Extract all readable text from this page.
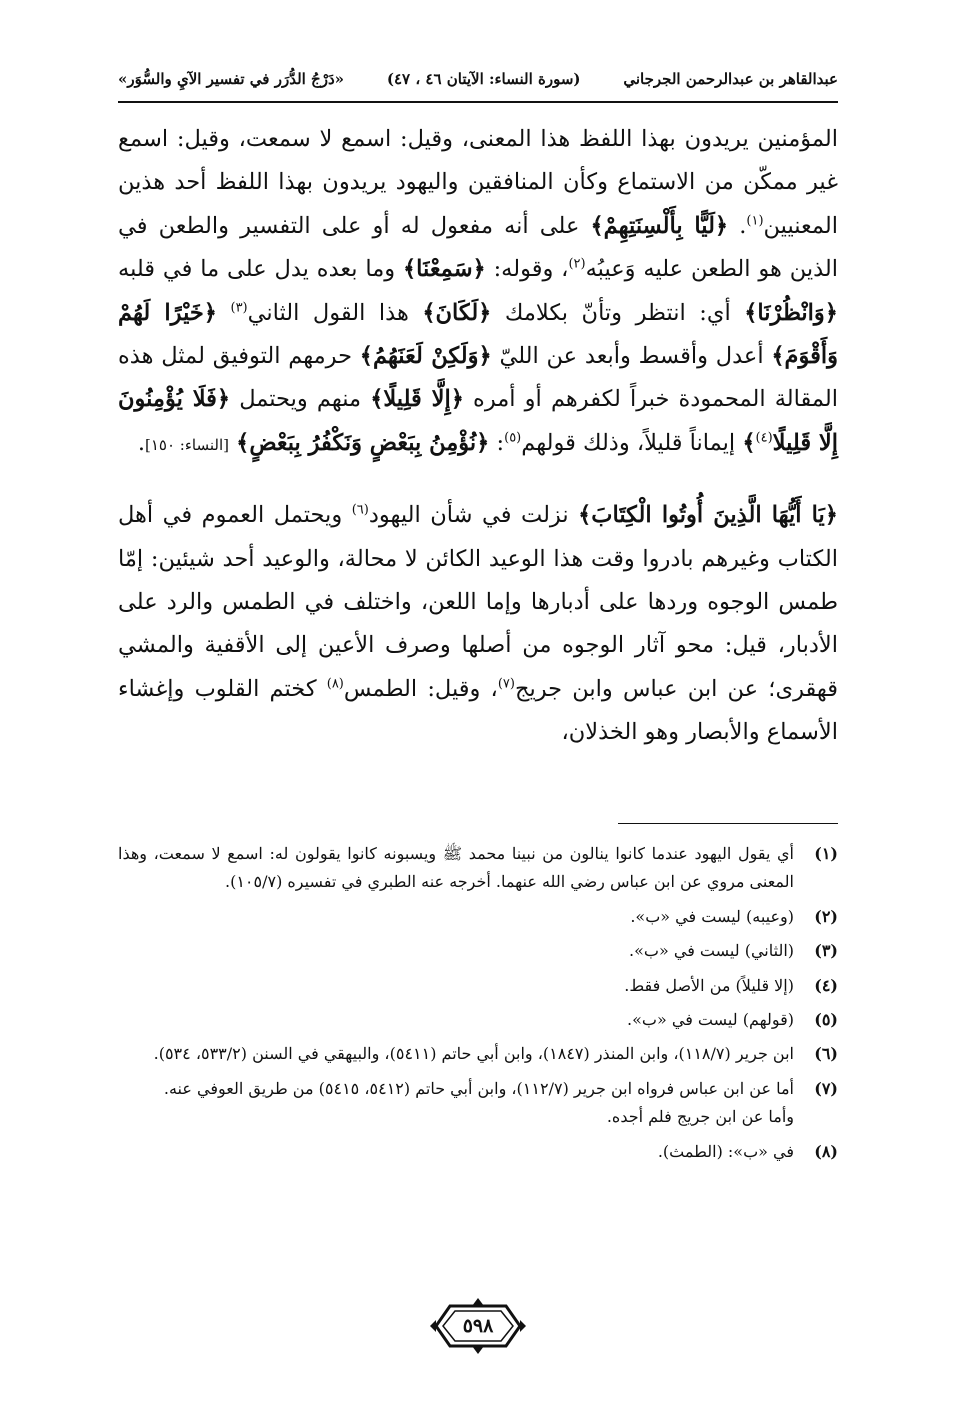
عبدالقاهر بن عبدالرحمن الجرجاني
(سورة النساء: الآيتان ٤٦ ، ٤٧)
«دَرْجُ الدُّرَر في تفسير الآيِ والسُّوَر»

المؤمنين يريدون بهذا اللفظ هذا المعنى، وقيل: اسمع لا سمعت، وقيل: اسمع غير ممكّن من الاستماع وكأن المنافقين واليهود يريدون بهذا اللفظ أحد هذين المعنيين$^{(١)}$. ﴿لَيًّا بِأَلْسِنَتِهِمْ﴾ على أنه مفعول له أو على التفسير والطعن في الذين هو الطعن عليه وَعيبُه$^{(٢)}$، وقوله: ﴿سَمِعْنَا﴾ وما بعده يدل على ما في قلبه ﴿وَانْظُرْنَا﴾ أي: انتظر وتأنّ بكلامك ﴿لَكَانَ﴾ هذا القول الثاني$^{(٣)}$ ﴿خَيْرًا لَهُمْ وَأَقْوَمَ﴾ أعدل وأقسط وأبعد عن الليّ ﴿وَلَكِنْ لَعَنَهُمُ﴾ حرمهم التوفيق لمثل هذه المقالة المحمودة خبراً لكفرهم أو أمره ﴿إِلَّا قَلِيلًا﴾ منهم ويحتمل ﴿فَلَا يُؤْمِنُونَ إِلَّا قَلِيلًا$^{(٤)}$﴾ إيماناً قليلاً، وذلك قولهم$^{(٥)}$: ﴿نُؤْمِنُ بِبَعْضٍ وَنَكْفُرُ بِبَعْضٍ﴾ [النساء: ١٥٠].

﴿يَا أَيُّهَا الَّذِينَ أُوتُوا الْكِتَابَ﴾ نزلت في شأن اليهود$^{(٦)}$ ويحتمل العموم في أهل الكتاب وغيرهم بادروا وقت هذا الوعيد الكائن لا محالة، والوعيد أحد شيئين: إمّا طمس الوجوه وردها على أدبارها وإما اللعن، واختلف في الطمس والرد على الأدبار، قيل: محو آثار الوجوه من أصلها وصرف الأعين إلى الأقفية والمشي قهقرى؛ عن ابن عباس وابن جريج$^{(٧)}$، وقيل: الطمس$^{(٨)}$ كختم القلوب وإغشاء الأسماع والأبصار وهو الخذلان،

(١)
أي يقول اليهود عندما كانوا ينالون من نبينا محمد ﷺ ويسبونه كانوا يقولون له: اسمع لا سمعت، وهذا المعنى مروي عن ابن عباس رضي الله عنهما. أخرجه عنه الطبري في تفسيره (١٠٥/٧).
(٢)
(وعيبه) ليست في «ب».
(٣)
(الثاني) ليست في «ب».
(٤)
(إلا قليلاً) من الأصل فقط.
(٥)
(قولهم) ليست في «ب».
(٦)
ابن جرير (١١٨/٧)، وابن المنذر (١٨٤٧)، وابن أبي حاتم (٥٤١١)، والبيهقي في السنن (٥٣٣/٢، ٥٣٤).
(٧)
أما عن ابن عباس فرواه ابن جرير (١١٢/٧)، وابن أبي حاتم (٥٤١٢، ٥٤١٥) من طريق العوفي عنه.
وأما عن ابن جريج فلم أجده.
(٨)
في «ب»: (الطمث).
٥٩٨
